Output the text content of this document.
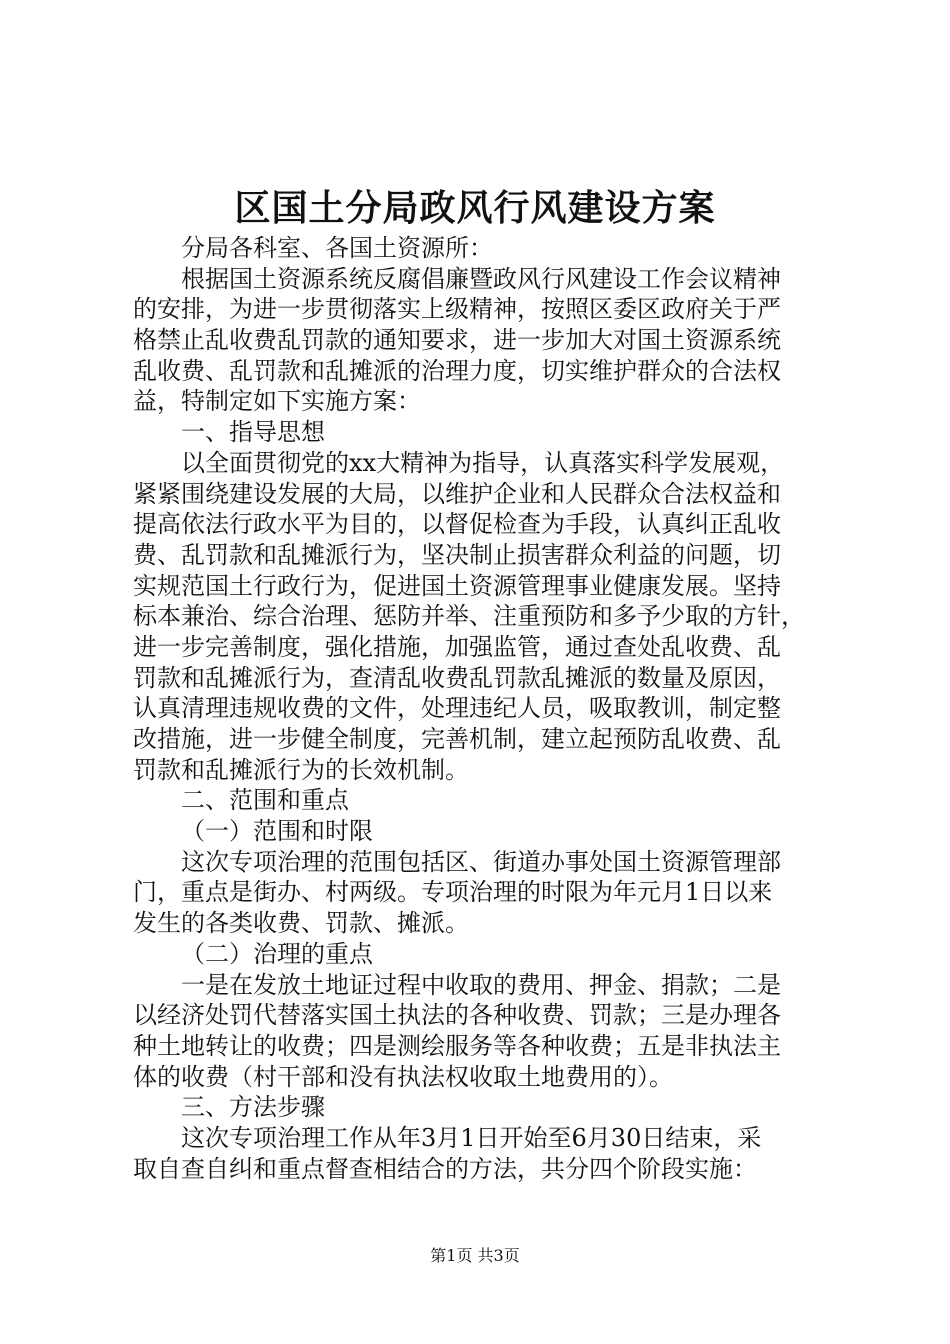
区国土分局政风行风建设方案

分局各科室、各国土资源所：

根据国土资源系统反腐倡廉暨政风行风建设工作会议精神

的安排，为进一步贯彻落实上级精神，按照区委区政府关于严

格禁止乱收费乱罚款的通知要求，进一步加大对国土资源系统

乱收费、乱罚款和乱摊派的治理力度，切实维护群众的合法权

益，特制定如下实施方案：

一、指导思想

以全面贯彻党的xx大精神为指导，认真落实科学发展观，

紧紧围绕建设发展的大局，以维护企业和人民群众合法权益和

提高依法行政水平为目的，以督促检查为手段，认真纠正乱收

费、乱罚款和乱摊派行为，坚决制止损害群众利益的问题，切

实规范国土行政行为，促进国土资源管理事业健康发展。坚持

标本兼治、综合治理、惩防并举、注重预防和多予少取的方针，

进一步完善制度，强化措施，加强监管，通过查处乱收费、乱

罚款和乱摊派行为，查清乱收费乱罚款乱摊派的数量及原因，

认真清理违规收费的文件，处理违纪人员，吸取教训，制定整

改措施，进一步健全制度，完善机制，建立起预防乱收费、乱

罚款和乱摊派行为的长效机制。

二、范围和重点

（一）范围和时限

这次专项治理的范围包括区、街道办事处国土资源管理部

门，重点是街办、村两级。专项治理的时限为年元月1日以来

发生的各类收费、罚款、摊派。

（二）治理的重点

一是在发放土地证过程中收取的费用、押金、捐款；二是

以经济处罚代替落实国土执法的各种收费、罚款；三是办理各

种土地转让的收费；四是测绘服务等各种收费；五是非执法主

体的收费（村干部和没有执法权收取土地费用的）。

三、方法步骤

这次专项治理工作从年3月1日开始至6月30日结束，采

取自查自纠和重点督查相结合的方法，共分四个阶段实施：

第1页 共3页
